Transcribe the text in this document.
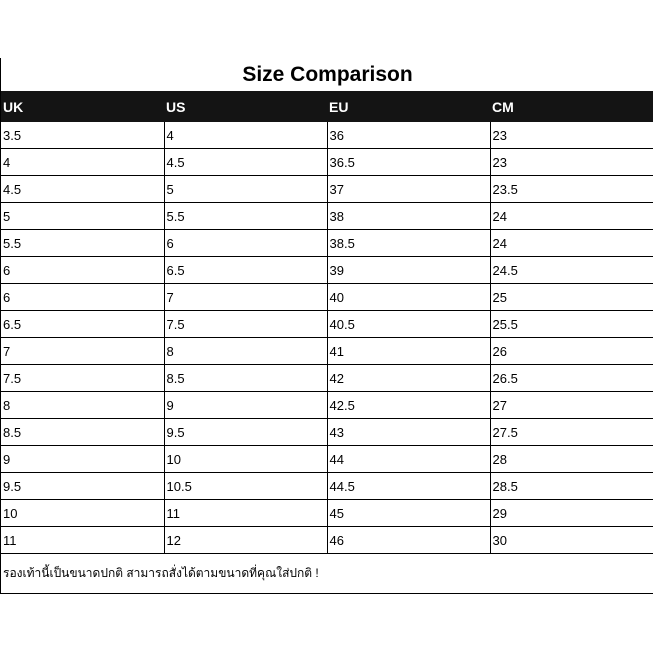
Size Comparison
UK	US	EU	CM
3.5	4	36	23
4	4.5	36.5	23
4.5	5	37	23.5
5	5.5	38	24
5.5	6	38.5	24
6	6.5	39	24.5
6	7	40	25
6.5	7.5	40.5	25.5
7	8	41	26
7.5	8.5	42	26.5
8	9	42.5	27
8.5	9.5	43	27.5
9	10	44	28
9.5	10.5	44.5	28.5
10	11	45	29
11	12	46	30
รองเท้านี้เป็นขนาดปกติ สามารถสั่งได้ตามขนาดที่คุณใส่ปกติ !
